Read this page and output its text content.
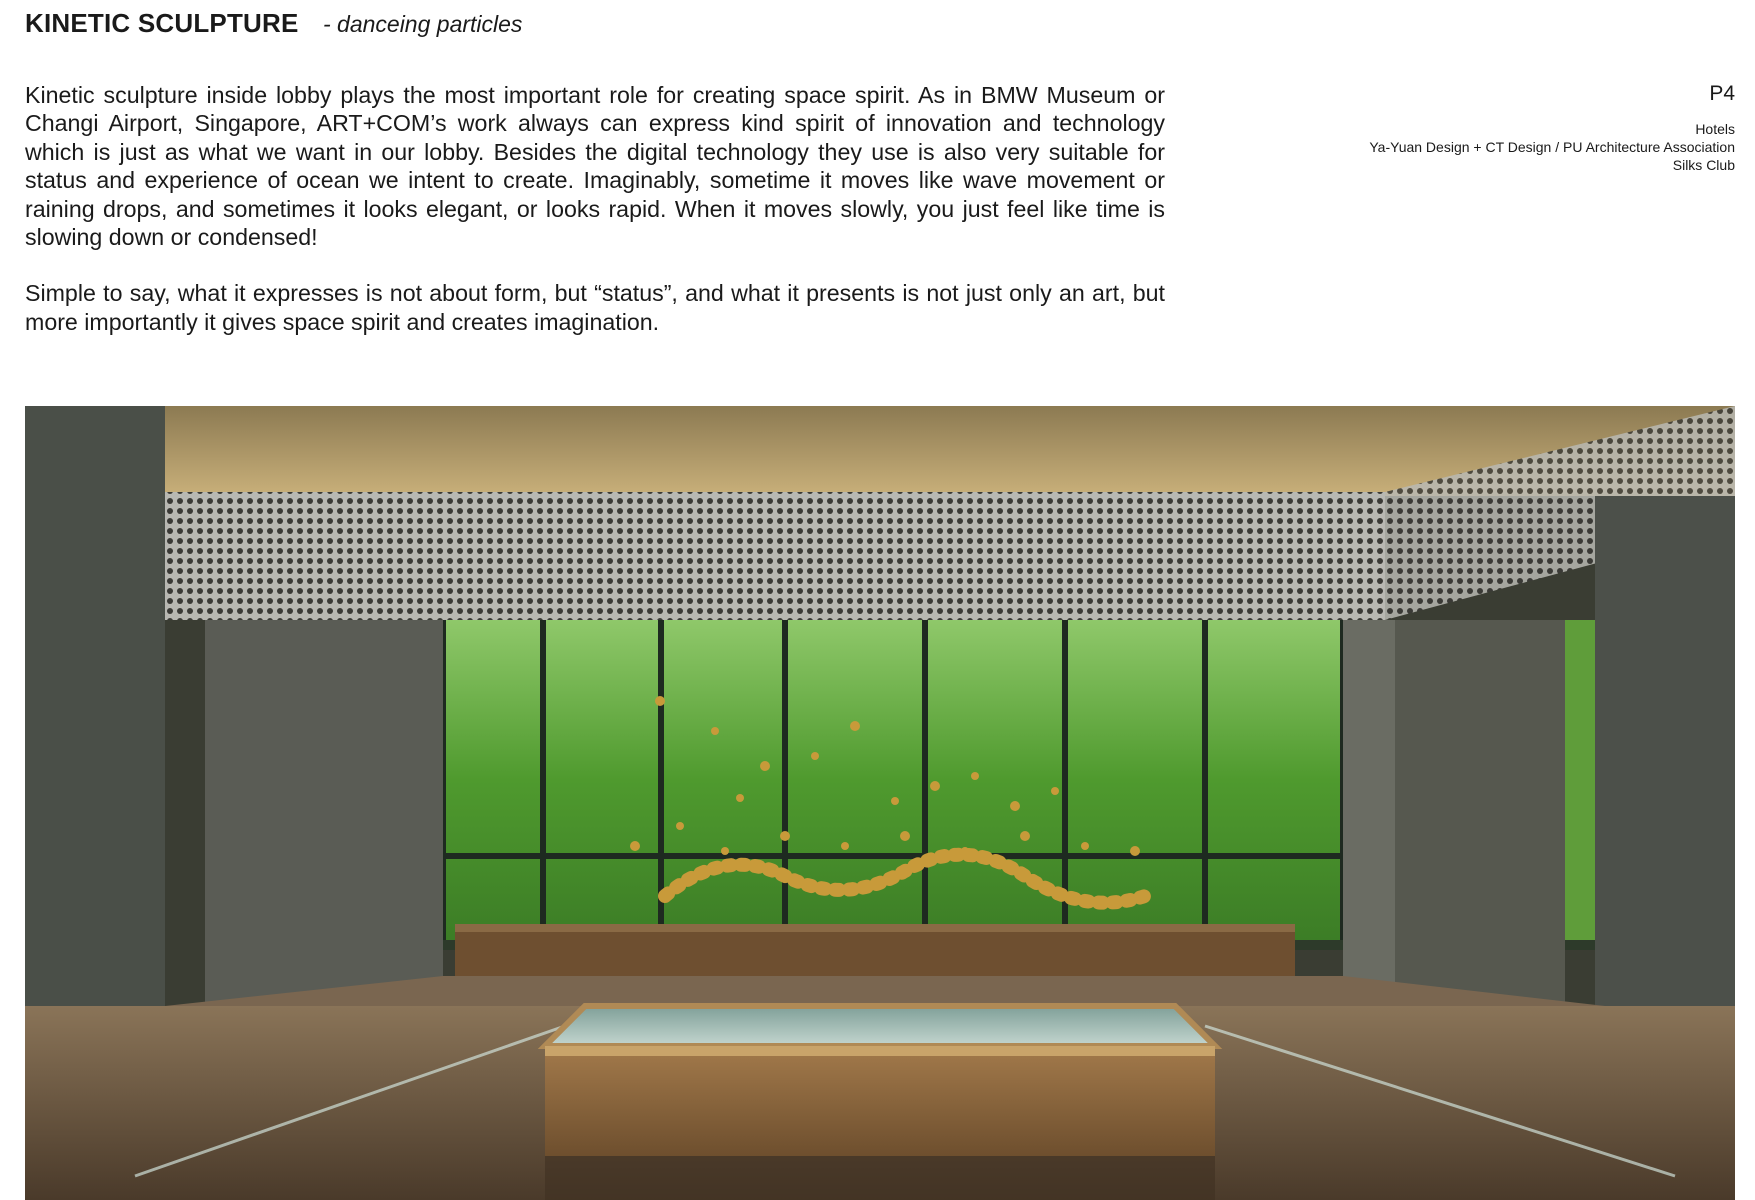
KINETIC SCULPTURE - danceing particles

Kinetic sculpture inside lobby plays the most important role for creating space spirit. As in BMW Museum or Changi Airport, Singapore, ART+COM’s work always can express kind spirit of innovation and technology which is just as what we want in our lobby. Besides the digital technology they use is also very suitable for status and experience of ocean we intent to create. Imaginably, sometime it moves like wave movement or raining drops, and sometimes it looks elegant, or looks rapid. When it moves slowly, you just feel like time is slowing down or condensed!

Simple to say, what it expresses is not about form, but “status”, and what it presents is not just only an art, but more importantly it gives space spirit and creates imagination.

P4
Hotels
Ya-Yuan Design + CT Design / PU Architecture Association
Silks Club
